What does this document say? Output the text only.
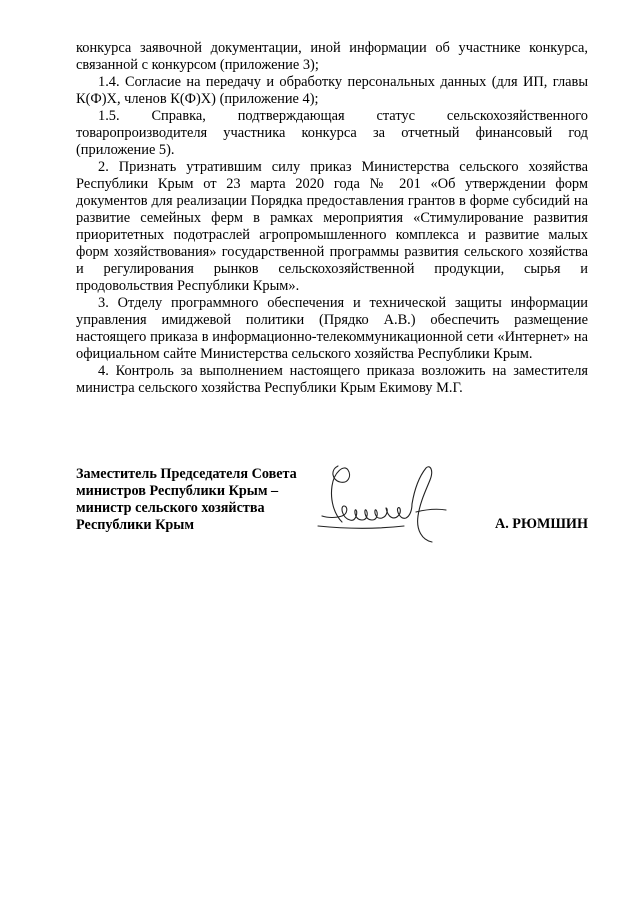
конкурса заявочной документации, иной информации об участнике конкурса, связанной с конкурсом (приложение 3);

1.4. Согласие на передачу и обработку персональных данных (для ИП, главы К(Ф)Х, членов К(Ф)Х) (приложение 4);

1.5. Справка, подтверждающая статус сельскохозяйственного товаропроизводителя участника конкурса за отчетный финансовый год (приложение 5).

2. Признать утратившим силу приказ Министерства сельского хозяйства Республики Крым от 23 марта 2020 года № 201 «Об утверждении форм документов для реализации Порядка предоставления грантов в форме субсидий на развитие семейных ферм в рамках мероприятия «Стимулирование развития приоритетных подотраслей агропромышленного комплекса и развитие малых форм хозяйствования» государственной программы развития сельского хозяйства и регулирования рынков сельскохозяйственной продукции, сырья и продовольствия Республики Крым».

3. Отделу программного обеспечения и технической защиты информации управления имиджевой политики (Прядко А.В.) обеспечить размещение настоящего приказа в информационно-телекоммуникационной сети «Интернет» на официальном сайте Министерства сельского хозяйства Республики Крым.

4. Контроль за выполнением настоящего приказа возложить на заместителя министра сельского хозяйства Республики Крым Екимову М.Г.

Заместитель Председателя Совета
министров Республики Крым –
министр сельского хозяйства
Республики Крым	А. РЮМШИН
